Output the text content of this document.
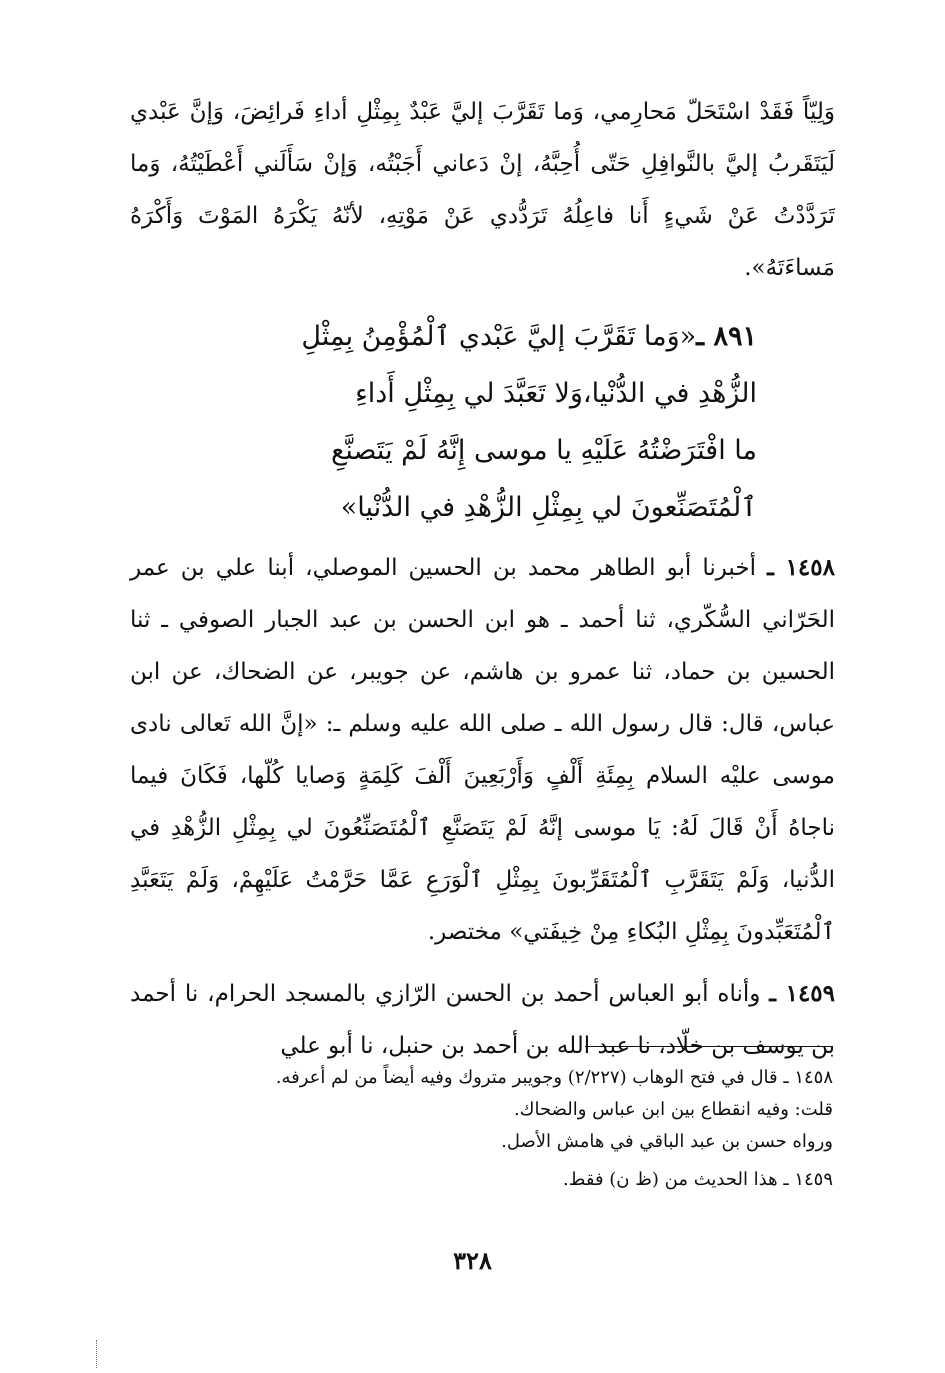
وَلِيّاً فَقَدْ اسْتَحَلّ مَحارِمي، وَما تَقَرَّبَ إليَّ عَبْدٌ بِمِثْلِ أداءِ فَرائِضَ، وَإنَّ عَبْدي لَيَتَقَربُ إليَّ بالنَّوافِلِ حَتّى أُحِبَّهُ، إنْ دَعاني أَجَبْتُه، وَإنْ سَأَلَني أَعْطَيْتُهُ، وَما تَرَدَّدْتُ عَنْ شَيءٍ أَنا فاعِلُهُ تَرَدُّدي عَنْ مَوْتِهِ، لأنّهُ يَكْرَهُ المَوْتَ وَأَكْرَهُ مَساءَتَهُ».

٨٩١ ـ«وَما تَقَرَّبَ إليَّ عَبْدي ٱلْمُؤْمِنُ بِمِثْلِ

الزُّهْدِ في الدُّنْيا،وَلا تَعَبَّدَ لي بِمِثْلِ أَداءِ

ما افْتَرَضْتُهُ عَلَيْهِ يا موسى إِنَّهُ لَمْ يَتَصنَّعِ

ٱلْمُتَصَنِّعونَ لي بِمِثْلِ الزُّهْدِ في الدُّنْيا»

١٤٥٨ ـ أخبرنا أبو الطاهر محمد بن الحسين الموصلي، أبنا علي بن عمر الحَرّاني السُّكّري، ثنا أحمد ـ هو ابن الحسن بن عبد الجبار الصوفي ـ ثنا الحسين بن حماد، ثنا عمرو بن هاشم، عن جويبر، عن الضحاك، عن ابن عباس، قال: قال رسول الله ـ صلى الله عليه وسلم ـ: «إنَّ الله تَعالى نادى موسى عليْه السلام بِمِئَةِ أَلْفٍ وَأَرْبَعِينَ أَلْفَ كَلِمَةٍ وَصايا كُلّها، فَكَانَ فيما ناجاهُ أَنْ قَالَ لَهُ: يَا موسى إنَّهُ لَمْ يَتَصَنَّعِ ٱلْمُتَصَنِّعُونَ لي بِمِثْلِ الزُّهْدِ في الدُّنيا، وَلَمْ يَتَقَرَّبِ ٱلْمُتَقَرِّبونَ بِمِثْلِ ٱلْوَرَعِ عَمَّا حَرَّمْتُ عَلَيْهِمْ، وَلَمْ يَتَعَبَّدِ ٱلْمُتَعَبِّدونَ بِمِثْلِ البُكاءِ مِنْ خِيفَتي» مختصر.

١٤٥٩ ـ وأناه أبو العباس أحمد بن الحسن الرّازي بالمسجد الحرام، نا أحمد بن يوسف بن خلّاد، نا عبد الله بن أحمد بن حنبل، نا أبو علي

١٤٥٨ ـ قال في فتح الوهاب (٢/٢٢٧) وجويبر متروك وفيه أيضاً من لم أعرفه.

قلت: وفيه انقطاع بين ابن عباس والضحاك.

ورواه حسن بن عبد الباقي في هامش الأصل.

١٤٥٩ ـ هذا الحديث من (ظ ن) فقط.

٣٢٨
